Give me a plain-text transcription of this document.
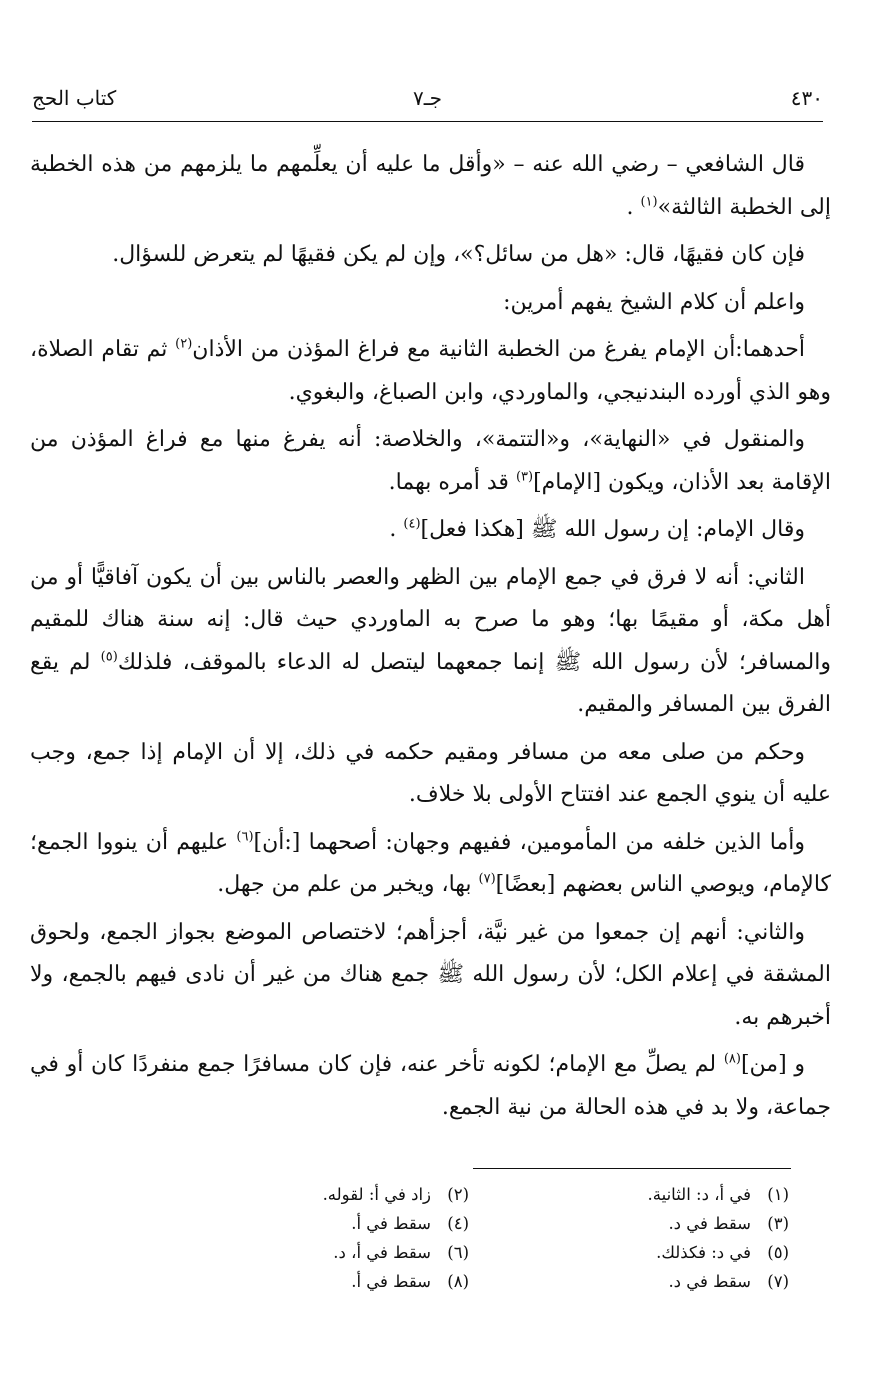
٤٣٠
جـ٧
كتاب الحج

قال الشافعي – رضي الله عنه – «وأقل ما عليه أن يعلِّمهم ما يلزمهم من هذه الخطبة إلى الخطبة الثالثة»$^{(١)}$ .

فإن كان فقيهًا، قال: «هل من سائل؟»، وإن لم يكن فقيهًا لم يتعرض للسؤال.

واعلم أن كلام الشيخ يفهم أمرين:

أحدهما:أن الإمام يفرغ من الخطبة الثانية مع فراغ المؤذن من الأذان$^{(٢)}$ ثم تقام الصلاة، وهو الذي أورده البندنيجي، والماوردي، وابن الصباغ، والبغوي.

والمنقول في «النهاية»، و«التتمة»، والخلاصة: أنه يفرغ منها مع فراغ المؤذن من الإقامة بعد الأذان، ويكون [الإمام]$^{(٣)}$ قد أمره بهما.

وقال الإمام: إن رسول الله ﷺ [هكذا فعل]$^{(٤)}$ .

الثاني: أنه لا فرق في جمع الإمام بين الظهر والعصر بالناس بين أن يكون آفاقيًّا أو من أهل مكة، أو مقيمًا بها؛ وهو ما صرح به الماوردي حيث قال: إنه سنة هناك للمقيم والمسافر؛ لأن رسول الله ﷺ إنما جمعهما ليتصل له الدعاء بالموقف، فلذلك$^{(٥)}$ لم يقع الفرق بين المسافر والمقيم.

وحكم من صلى معه من مسافر ومقيم حكمه في ذلك، إلا أن الإمام إذا جمع، وجب عليه أن ينوي الجمع عند افتتاح الأولى بلا خلاف.

وأما الذين خلفه من المأمومين، ففيهم وجهان: أصحهما [:أن]$^{(٦)}$ عليهم أن ينووا الجمع؛ كالإمام، ويوصي الناس بعضهم [بعضًا]$^{(٧)}$ بها، ويخبر من علم من جهل.

والثاني: أنهم إن جمعوا من غير نيَّة، أجزأهم؛ لاختصاص الموضع بجواز الجمع، ولحوق المشقة في إعلام الكل؛ لأن رسول الله ﷺ جمع هناك من غير أن نادى فيهم بالجمع، ولا أخبرهم به.

و [من]$^{(٨)}$ لم يصلِّ مع الإمام؛ لكونه تأخر عنه، فإن كان مسافرًا جمع منفردًا كان أو في جماعة، ولا بد في هذه الحالة من نية الجمع.

(١)في أ، د: الثانية.(٢)زاد في أ: لقوله.
(٣)سقط في د.(٤)سقط في أ.
(٥)في د: فكذلك.(٦)سقط في أ، د.
(٧)سقط في د.(٨)سقط في أ.
